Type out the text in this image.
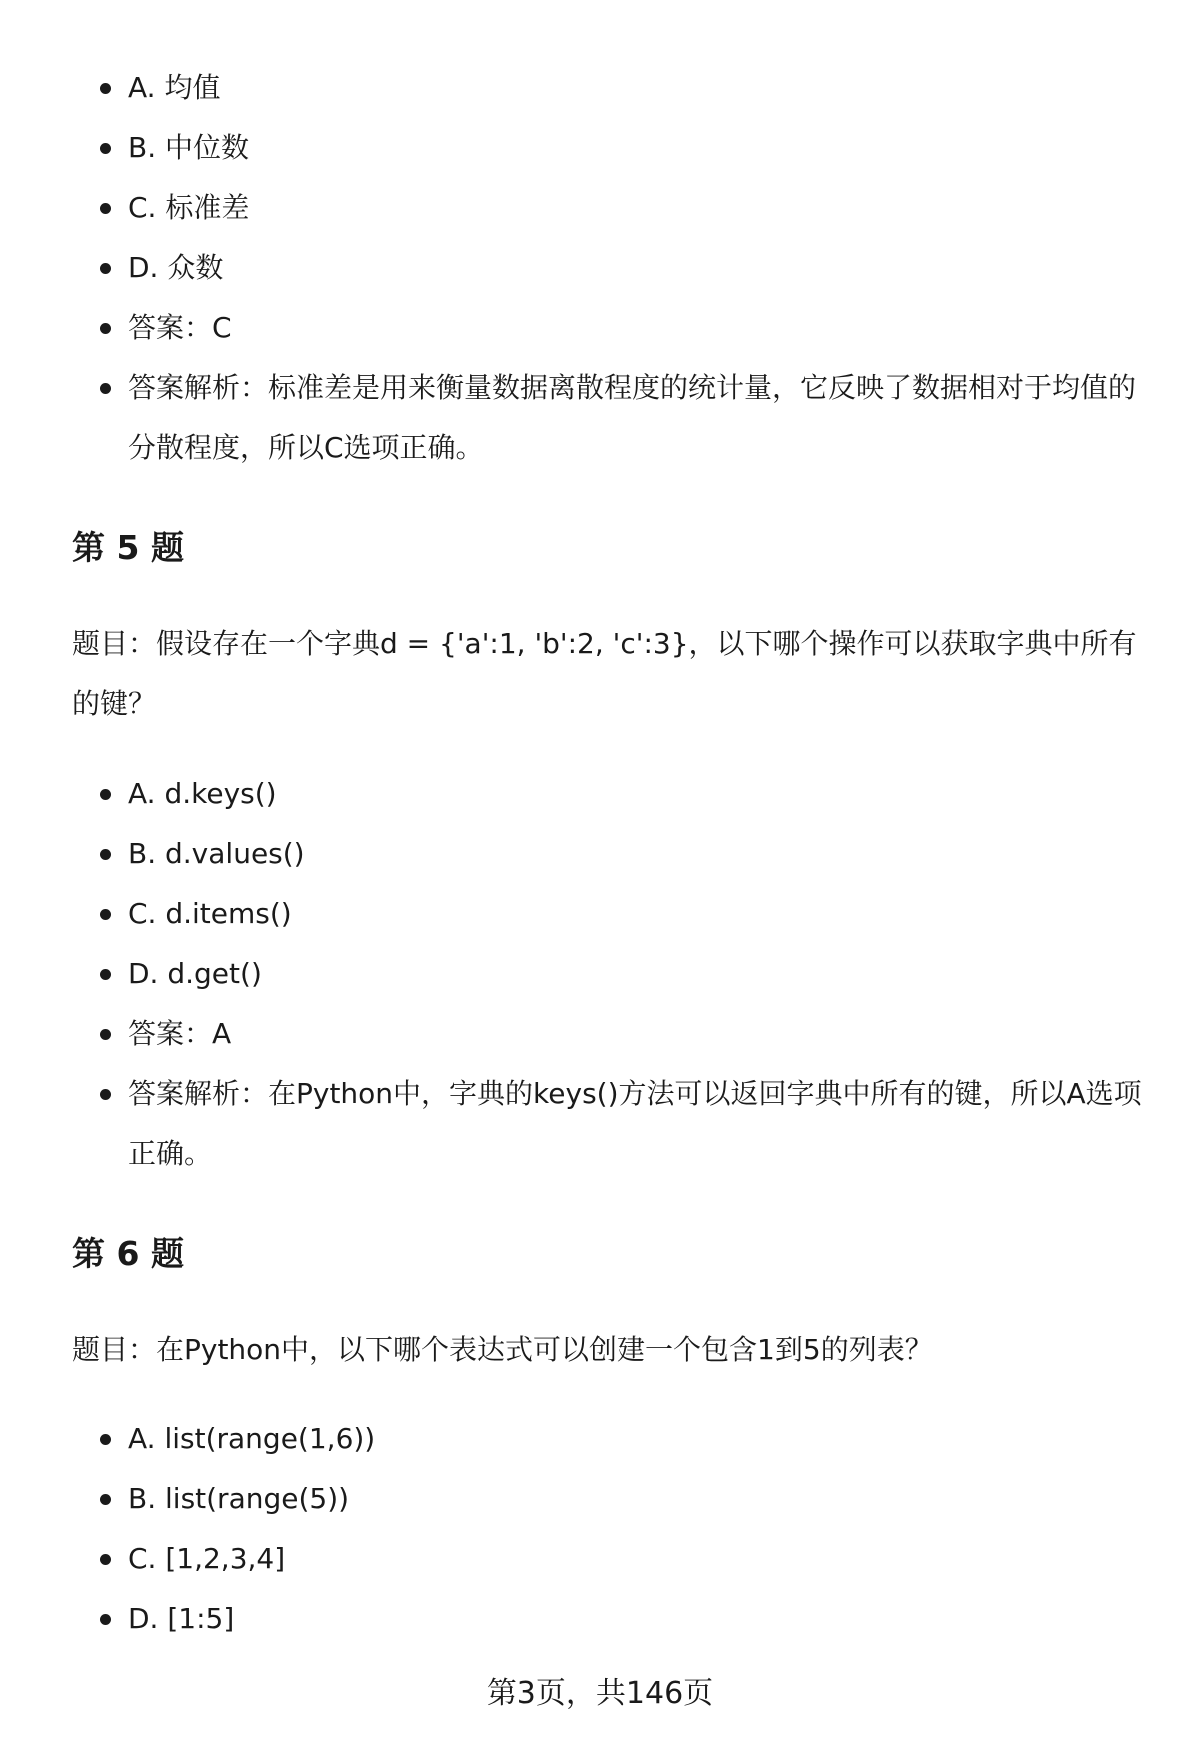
A. 均值
B. 中位数
C. 标准差
D. 众数
答案：C
答案解析：标准差是用来衡量数据离散程度的统计量，它反映了数据相对于均值的分散程度，所以C选项正确。
第 5 题

题目：假设存在一个字典d = {'a':1, 'b':2, 'c':3}，以下哪个操作可以获取字典中所有的键？

A. d.keys()
B. d.values()
C. d.items()
D. d.get()
答案：A
答案解析：在Python中，字典的keys()方法可以返回字典中所有的键，所以A选项正确。
第 6 题

题目：在Python中，以下哪个表达式可以创建一个包含1到5的列表？

A. list(range(1,6))
B. list(range(5))
C. [1,2,3,4]
D. [1:5]
第3页，共146页
